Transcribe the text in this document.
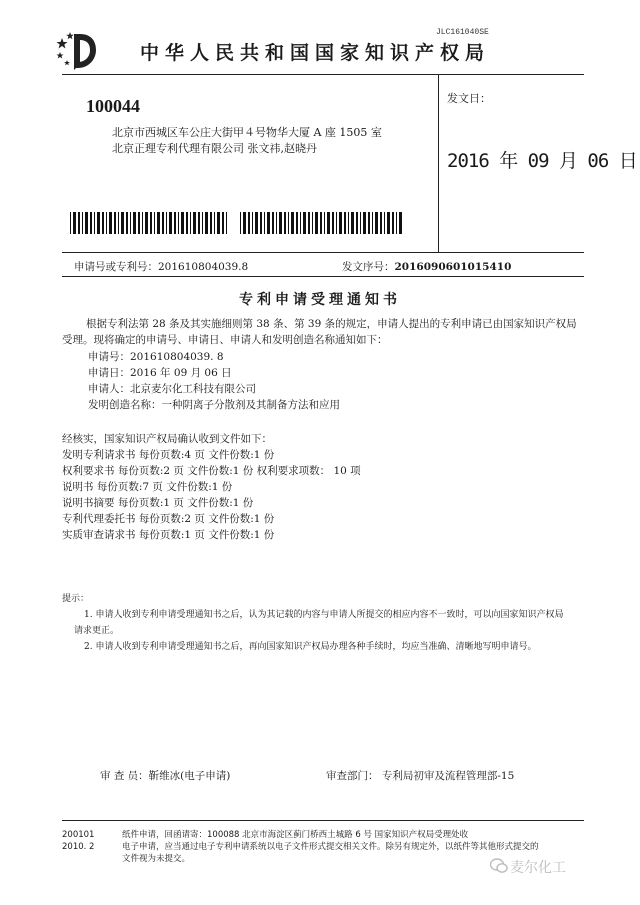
JLC161040SE
中华人民共和国国家知识产权局
100044
北京市西城区车公庄大街甲４号物华大厦 A 座 1505 室
北京正理专利代理有限公司 张文祎,赵晓丹
发文日：
2016 年 09 月 06 日
申请号或专利号：201610804039.8	发文序号：2016090601015410
专利申请受理通知书
根据专利法第 28 条及其实施细则第 38 条、第 39 条的规定，申请人提出的专利申请已由国家知识产权局受理。现将确定的申请号、申请日、申请人和发明创造名称通知如下：
申请号：201610804039. 8
申请日：2016 年 09 月 06 日
申请人：北京麦尔化工科技有限公司
发明创造名称：一种阴离子分散剂及其制备方法和应用
经核实，国家知识产权局确认收到文件如下：
发明专利请求书 每份页数:4 页 文件份数:1 份
权利要求书 每份页数:2 页 文件份数:1 份 权利要求项数： 10 项
说明书 每份页数:7 页 文件份数:1 份
说明书摘要 每份页数:1 页 文件份数:1 份
专利代理委托书 每份页数:2 页 文件份数:1 份
实质审查请求书 每份页数:1 页 文件份数:1 份
提示：
1. 申请人收到专利申请受理通知书之后，认为其记载的内容与申请人所提交的相应内容不一致时，可以向国家知识产权局
请求更正。
2. 申请人收到专利申请受理通知书之后，再向国家知识产权局办理各种手续时，均应当准确、清晰地写明申请号。
审 查 员：靳维冰(电子申请)	审查部门： 专利局初审及流程管理部-15
200101
2010. 2
纸件申请，回函请寄：100088 北京市海淀区蓟门桥西土城路 6 号 国家知识产权局受理处收
电子申请，应当通过电子专利申请系统以电子文件形式提交相关文件。除另有规定外，以纸件等其他形式提交的
文件视为未提交。
麦尔化工
